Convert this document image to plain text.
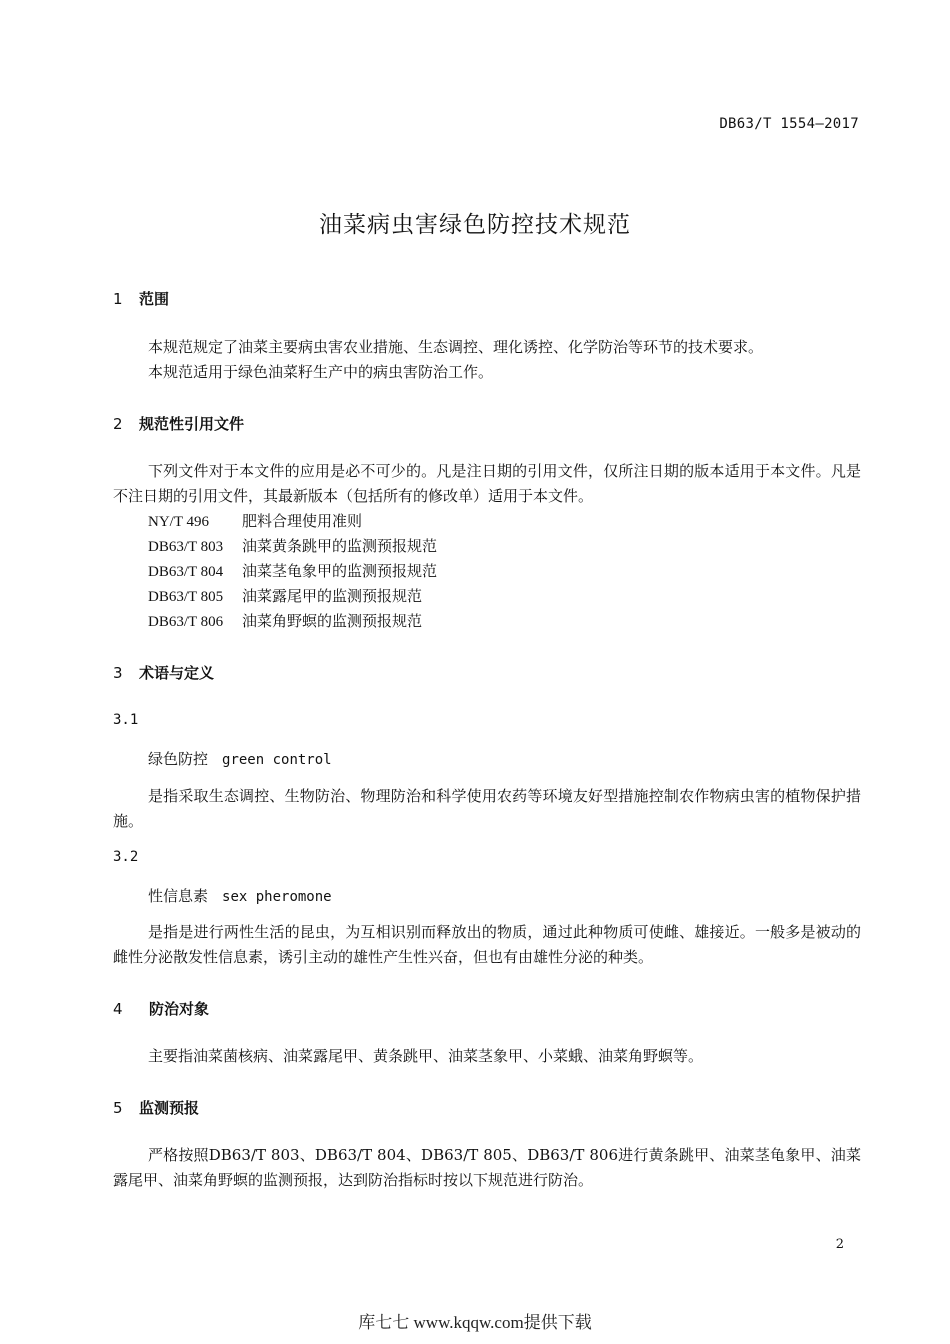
DB63/T 1554—2017
油菜病虫害绿色防控技术规范
1 范围
本规范规定了油菜主要病虫害农业措施、生态调控、理化诱控、化学防治等环节的技术要求。
本规范适用于绿色油菜籽生产中的病虫害防治工作。
2 规范性引用文件
下列文件对于本文件的应用是必不可少的。凡是注日期的引用文件，仅所注日期的版本适用于本文件。凡是不注日期的引用文件，其最新版本（包括所有的修改单）适用于本文件。
NY/T 496 肥料合理使用准则
DB63/T 803 油菜黄条跳甲的监测预报规范
DB63/T 804 油菜茎龟象甲的监测预报规范
DB63/T 805 油菜露尾甲的监测预报规范
DB63/T 806 油菜角野螟的监测预报规范
3 术语与定义
3.1
绿色防控 green control
是指采取生态调控、生物防治、物理防治和科学使用农药等环境友好型措施控制农作物病虫害的植物保护措施。
3.2
性信息素 sex pheromone
是指是进行两性生活的昆虫，为互相识别而释放出的物质，通过此种物质可使雌、雄接近。一般多是被动的雌性分泌散发性信息素，诱引主动的雄性产生性兴奋，但也有由雄性分泌的种类。
4 防治对象
主要指油菜菌核病、油菜露尾甲、黄条跳甲、油菜茎象甲、小菜蛾、油菜角野螟等。
5 监测预报
严格按照DB63/T 803、DB63/T 804、DB63/T 805、DB63/T 806进行黄条跳甲、油菜茎龟象甲、油菜露尾甲、油菜角野螟的监测预报，达到防治指标时按以下规范进行防治。
2
库七七 www.kqqw.com提供下载
